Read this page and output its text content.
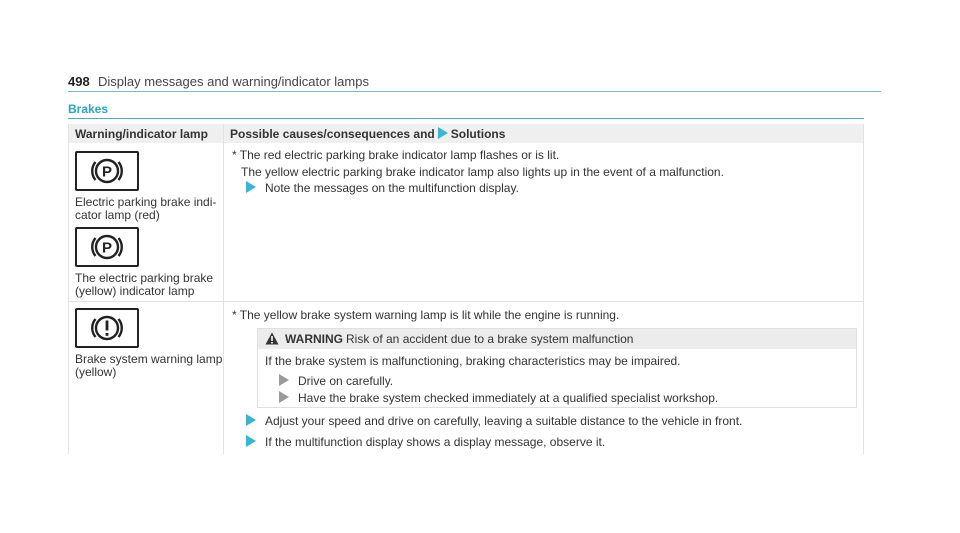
498 Display messages and warning/indicator lamps
Brakes
Warning/indicator lamp Possible causes/consequences and Solutions
P
Electric parking brake indi-
cator lamp (red)
P
The electric parking brake
(yellow) indicator lamp
* The red electric parking brake indicator lamp flashes or is lit.
The yellow electric parking brake indicator lamp also lights up in the event of a malfunction.
Note the messages on the multifunction display.
Brake system warning lamp
(yellow)
* The yellow brake system warning lamp is lit while the engine is running.
WARNING Risk of an accident due to a brake system malfunction
If the brake system is malfunctioning, braking characteristics may be impaired.
Drive on carefully.
Have the brake system checked immediately at a qualified specialist workshop.
Adjust your speed and drive on carefully, leaving a suitable distance to the vehicle in front.
If the multifunction display shows a display message, observe it.
